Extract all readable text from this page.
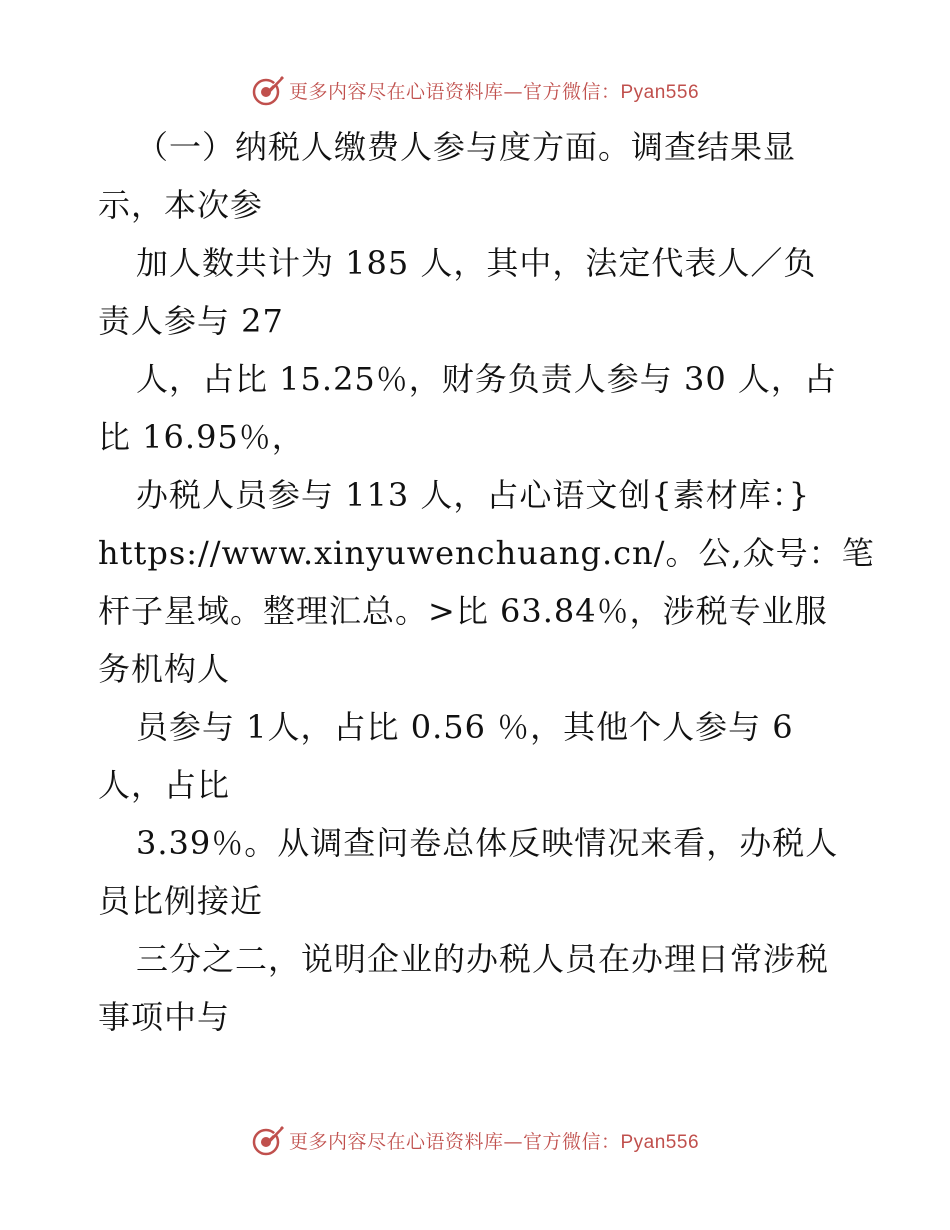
更多内容尽在心语资料库—官方微信：Pyan556
（一）纳税人缴费人参与度方面。调查结果显
示，本次参
加人数共计为 185 人，其中，法定代表人／负
责人参与 27
人，占比 15.25％，财务负责人参与 30 人，占
比 16.95％，
办税人员参与 113 人，占心语文创{素材库：}
https://www.xinyuwenchuang.cn/。公,众号：笔
杆子星域。整理汇总。>比 63.84％，涉税专业服
务机构人
员参与 1人，占比 0.56 ％，其他个人参与 6
人，占比
3.39％。从调查问卷总体反映情况来看，办税人
员比例接近
三分之二，说明企业的办税人员在办理日常涉税
事项中与
更多内容尽在心语资料库—官方微信：Pyan556
